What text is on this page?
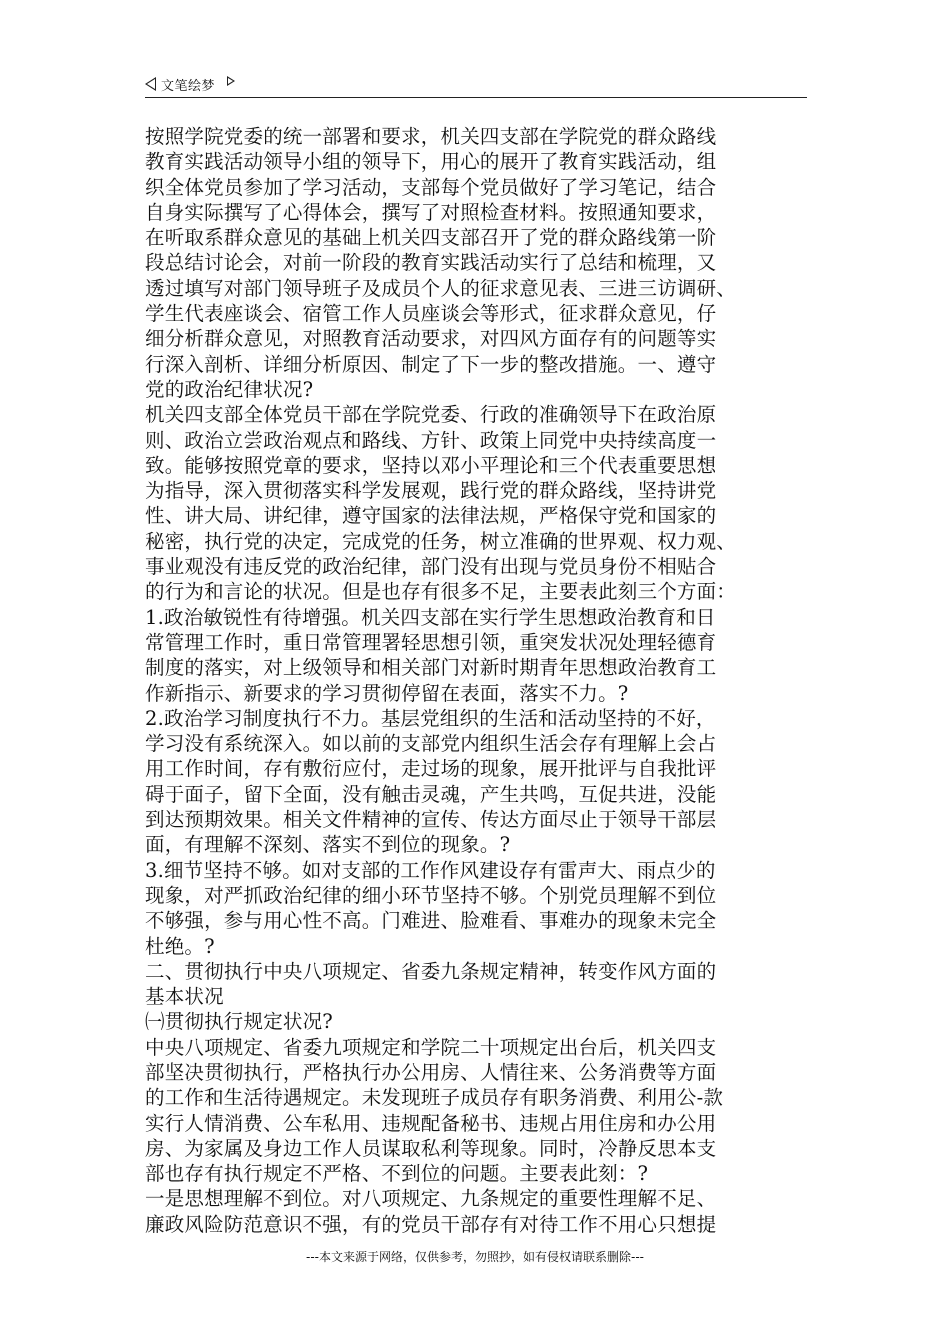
文笔绘梦
按照学院党委的统一部署和要求，机关四支部在学院党的群众路线
教育实践活动领导小组的领导下，用心的展开了教育实践活动，组
织全体党员参加了学习活动，支部每个党员做好了学习笔记，结合
自身实际撰写了心得体会，撰写了对照检查材料。按照通知要求，
在听取系群众意见的基础上机关四支部召开了党的群众路线第一阶
段总结讨论会，对前一阶段的教育实践活动实行了总结和梳理，又
透过填写对部门领导班子及成员个人的征求意见表、三进三访调研、
学生代表座谈会、宿管工作人员座谈会等形式，征求群众意见，仔
细分析群众意见，对照教育活动要求，对四风方面存有的问题等实
行深入剖析、详细分析原因、制定了下一步的整改措施。一、遵守
党的政治纪律状况?
机关四支部全体党员干部在学院党委、行政的准确领导下在政治原
则、政治立尝政治观点和路线、方针、政策上同党中央持续高度一
致。能够按照党章的要求，坚持以邓小平理论和三个代表重要思想
为指导，深入贯彻落实科学发展观，践行党的群众路线，坚持讲党
性、讲大局、讲纪律，遵守国家的法律法规，严格保守党和国家的
秘密，执行党的决定，完成党的任务，树立准确的世界观、权力观、
事业观没有违反党的政治纪律，部门没有出现与党员身份不相贴合
的行为和言论的状况。但是也存有很多不足，主要表此刻三个方面：
1.政治敏锐性有待增强。机关四支部在实行学生思想政治教育和日
常管理工作时，重日常管理署轻思想引领，重突发状况处理轻德育
制度的落实，对上级领导和相关部门对新时期青年思想政治教育工
作新指示、新要求的学习贯彻停留在表面，落实不力。?
2.政治学习制度执行不力。基层党组织的生活和活动坚持的不好，
学习没有系统深入。如以前的支部党内组织生活会存有理解上会占
用工作时间，存有敷衍应付，走过场的现象，展开批评与自我批评
碍于面子，留下全面，没有触击灵魂，产生共鸣，互促共进，没能
到达预期效果。相关文件精神的宣传、传达方面尽止于领导干部层
面，有理解不深刻、落实不到位的现象。?
3.细节坚持不够。如对支部的工作作风建设存有雷声大、雨点少的
现象，对严抓政治纪律的细小环节坚持不够。个别党员理解不到位
不够强，参与用心性不高。门难进、脸难看、事难办的现象未完全
杜绝。?
二、贯彻执行中央八项规定、省委九条规定精神，转变作风方面的
基本状况
㈠贯彻执行规定状况?
中央八项规定、省委九项规定和学院二十项规定出台后，机关四支
部坚决贯彻执行，严格执行办公用房、人情往来、公务消费等方面
的工作和生活待遇规定。未发现班子成员存有职务消费、利用公-款
实行人情消费、公车私用、违规配备秘书、违规占用住房和办公用
房、为家属及身边工作人员谋取私利等现象。同时，冷静反思本支
部也存有执行规定不严格、不到位的问题。主要表此刻：?
一是思想理解不到位。对八项规定、九条规定的重要性理解不足、
廉政风险防范意识不强，有的党员干部存有对待工作不用心只想提
---本文来源于网络，仅供参考，勿照抄，如有侵权请联系删除---
